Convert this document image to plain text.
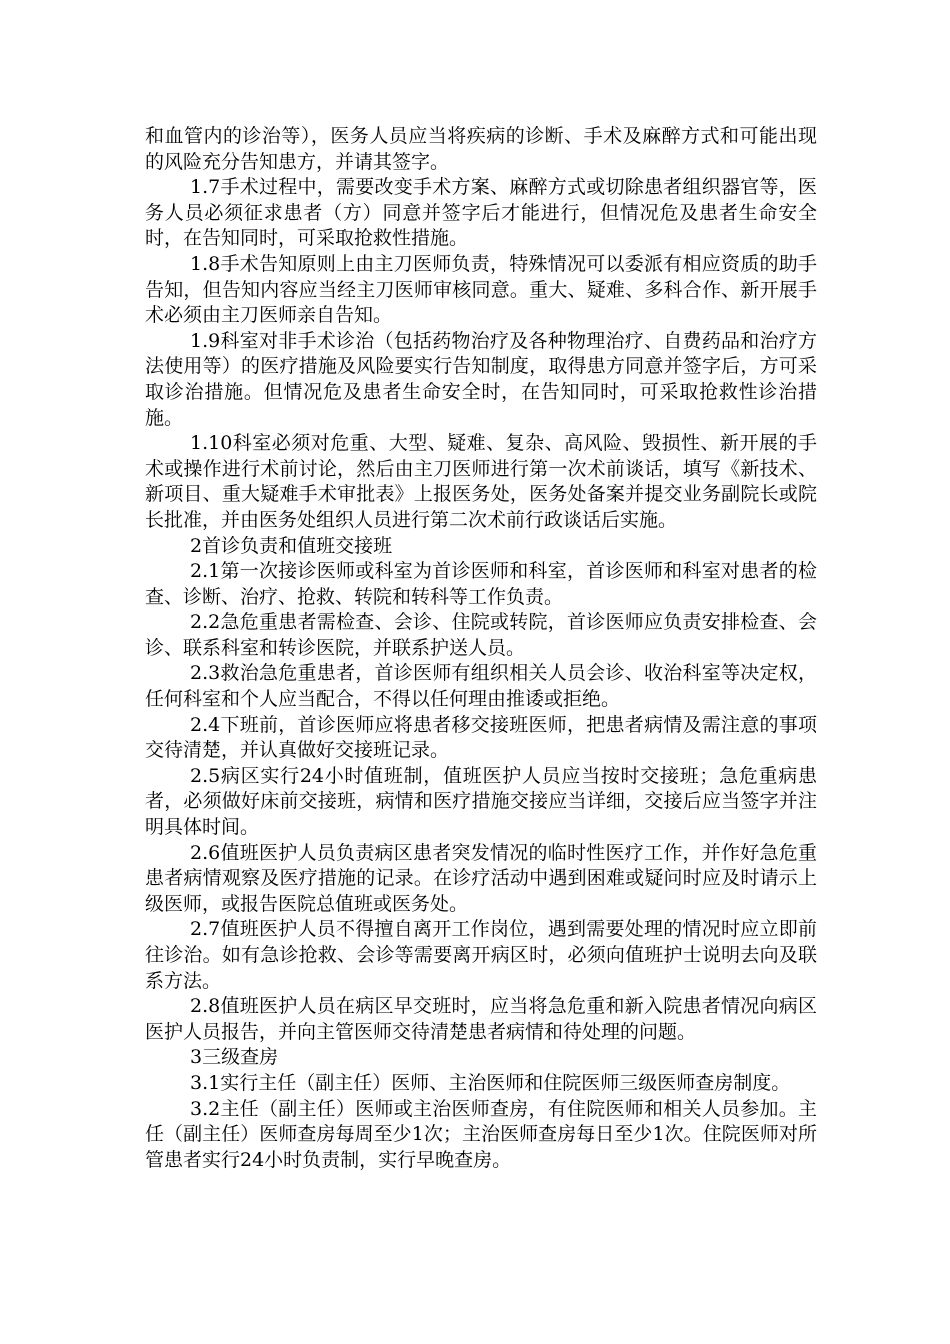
和血管内的诊治等），医务人员应当将疾病的诊断、手术及麻醉方式和可能出现的风险充分告知患方，并请其签字。

1.7手术过程中，需要改变手术方案、麻醉方式或切除患者组织器官等，医务人员必须征求患者（方）同意并签字后才能进行，但情况危及患者生命安全时，在告知同时，可采取抢救性措施。

1.8手术告知原则上由主刀医师负责，特殊情况可以委派有相应资质的助手告知，但告知内容应当经主刀医师审核同意。重大、疑难、多科合作、新开展手术必须由主刀医师亲自告知。

1.9科室对非手术诊治（包括药物治疗及各种物理治疗、自费药品和治疗方法使用等）的医疗措施及风险要实行告知制度，取得患方同意并签字后，方可采取诊治措施。但情况危及患者生命安全时，在告知同时，可采取抢救性诊治措施。

1.10科室必须对危重、大型、疑难、复杂、高风险、毁损性、新开展的手术或操作进行术前讨论，然后由主刀医师进行第一次术前谈话，填写《新技术、新项目、重大疑难手术审批表》上报医务处，医务处备案并提交业务副院长或院长批准，并由医务处组织人员进行第二次术前行政谈话后实施。

2首诊负责和值班交接班

2.1第一次接诊医师或科室为首诊医师和科室，首诊医师和科室对患者的检查、诊断、治疗、抢救、转院和转科等工作负责。

2.2急危重患者需检查、会诊、住院或转院，首诊医师应负责安排检查、会诊、联系科室和转诊医院，并联系护送人员。

2.3救治急危重患者，首诊医师有组织相关人员会诊、收治科室等决定权，任何科室和个人应当配合，不得以任何理由推诿或拒绝。

2.4下班前，首诊医师应将患者移交接班医师，把患者病情及需注意的事项交待清楚，并认真做好交接班记录。

2.5病区实行24小时值班制，值班医护人员应当按时交接班；急危重病患者，必须做好床前交接班，病情和医疗措施交接应当详细，交接后应当签字并注明具体时间。

2.6值班医护人员负责病区患者突发情况的临时性医疗工作，并作好急危重患者病情观察及医疗措施的记录。在诊疗活动中遇到困难或疑问时应及时请示上级医师，或报告医院总值班或医务处。

2.7值班医护人员不得擅自离开工作岗位，遇到需要处理的情况时应立即前往诊治。如有急诊抢救、会诊等需要离开病区时，必须向值班护士说明去向及联系方法。

2.8值班医护人员在病区早交班时，应当将急危重和新入院患者情况向病区医护人员报告，并向主管医师交待清楚患者病情和待处理的问题。

3三级查房

3.1实行主任（副主任）医师、主治医师和住院医师三级医师查房制度。

3.2主任（副主任）医师或主治医师查房，有住院医师和相关人员参加。主任（副主任）医师查房每周至少1次；主治医师查房每日至少1次。住院医师对所管患者实行24小时负责制，实行早晚查房。
